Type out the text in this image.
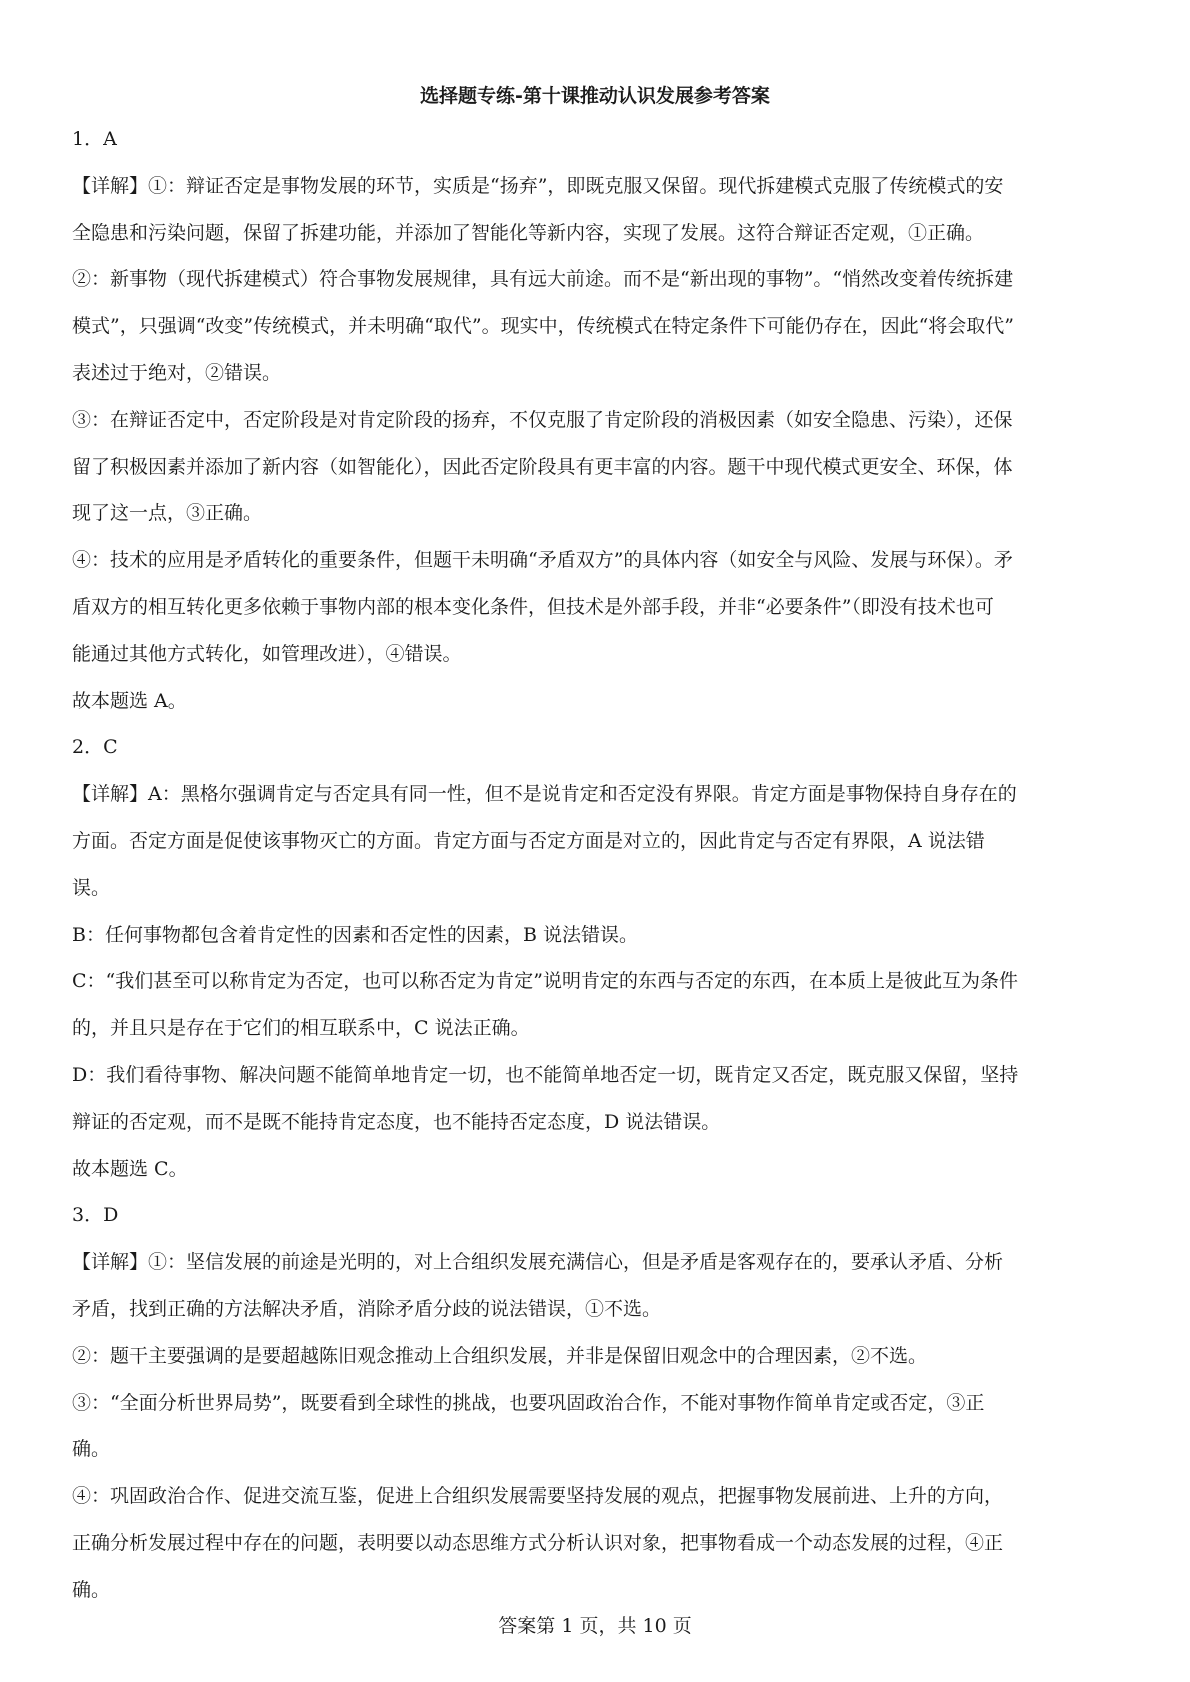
选择题专练-第十课推动认识发展参考答案

1．A

【详解】①：辩证否定是事物发展的环节，实质是“扬弃”，即既克服又保留。现代拆建模式克服了传统模式的安

全隐患和污染问题，保留了拆建功能，并添加了智能化等新内容，实现了发展。这符合辩证否定观，①正确。

②：新事物（现代拆建模式）符合事物发展规律，具有远大前途。而不是“新出现的事物”。“悄然改变着传统拆建

模式”，只强调“改变”传统模式，并未明确“取代”。现实中，传统模式在特定条件下可能仍存在，因此“将会取代”

表述过于绝对，②错误。

③：在辩证否定中，否定阶段是对肯定阶段的扬弃，不仅克服了肯定阶段的消极因素（如安全隐患、污染），还保

留了积极因素并添加了新内容（如智能化），因此否定阶段具有更丰富的内容。题干中现代模式更安全、环保，体

现了这一点，③正确。

④：技术的应用是矛盾转化的重要条件，但题干未明确“矛盾双方”的具体内容（如安全与风险、发展与环保）。矛

盾双方的相互转化更多依赖于事物内部的根本变化条件，但技术是外部手段，并非“必要条件”（即没有技术也可

能通过其他方式转化，如管理改进），④错误。

故本题选 A。

2．C

【详解】A：黑格尔强调肯定与否定具有同一性，但不是说肯定和否定没有界限。肯定方面是事物保持自身存在的

方面。否定方面是促使该事物灭亡的方面。肯定方面与否定方面是对立的，因此肯定与否定有界限，A 说法错

误。

B：任何事物都包含着肯定性的因素和否定性的因素，B 说法错误。

C：“我们甚至可以称肯定为否定，也可以称否定为肯定”说明肯定的东西与否定的东西，在本质上是彼此互为条件

的，并且只是存在于它们的相互联系中，C 说法正确。

D：我们看待事物、解决问题不能简单地肯定一切，也不能简单地否定一切，既肯定又否定，既克服又保留，坚持

辩证的否定观，而不是既不能持肯定态度，也不能持否定态度，D 说法错误。

故本题选 C。

3．D

【详解】①：坚信发展的前途是光明的，对上合组织发展充满信心，但是矛盾是客观存在的，要承认矛盾、分析

矛盾，找到正确的方法解决矛盾，消除矛盾分歧的说法错误，①不选。

②：题干主要强调的是要超越陈旧观念推动上合组织发展，并非是保留旧观念中的合理因素，②不选。

③：“全面分析世界局势”，既要看到全球性的挑战，也要巩固政治合作，不能对事物作简单肯定或否定，③正

确。

④：巩固政治合作、促进交流互鉴，促进上合组织发展需要坚持发展的观点，把握事物发展前进、上升的方向，

正确分析发展过程中存在的问题，表明要以动态思维方式分析认识对象，把事物看成一个动态发展的过程，④正

确。

答案第 1 页，共 10 页
